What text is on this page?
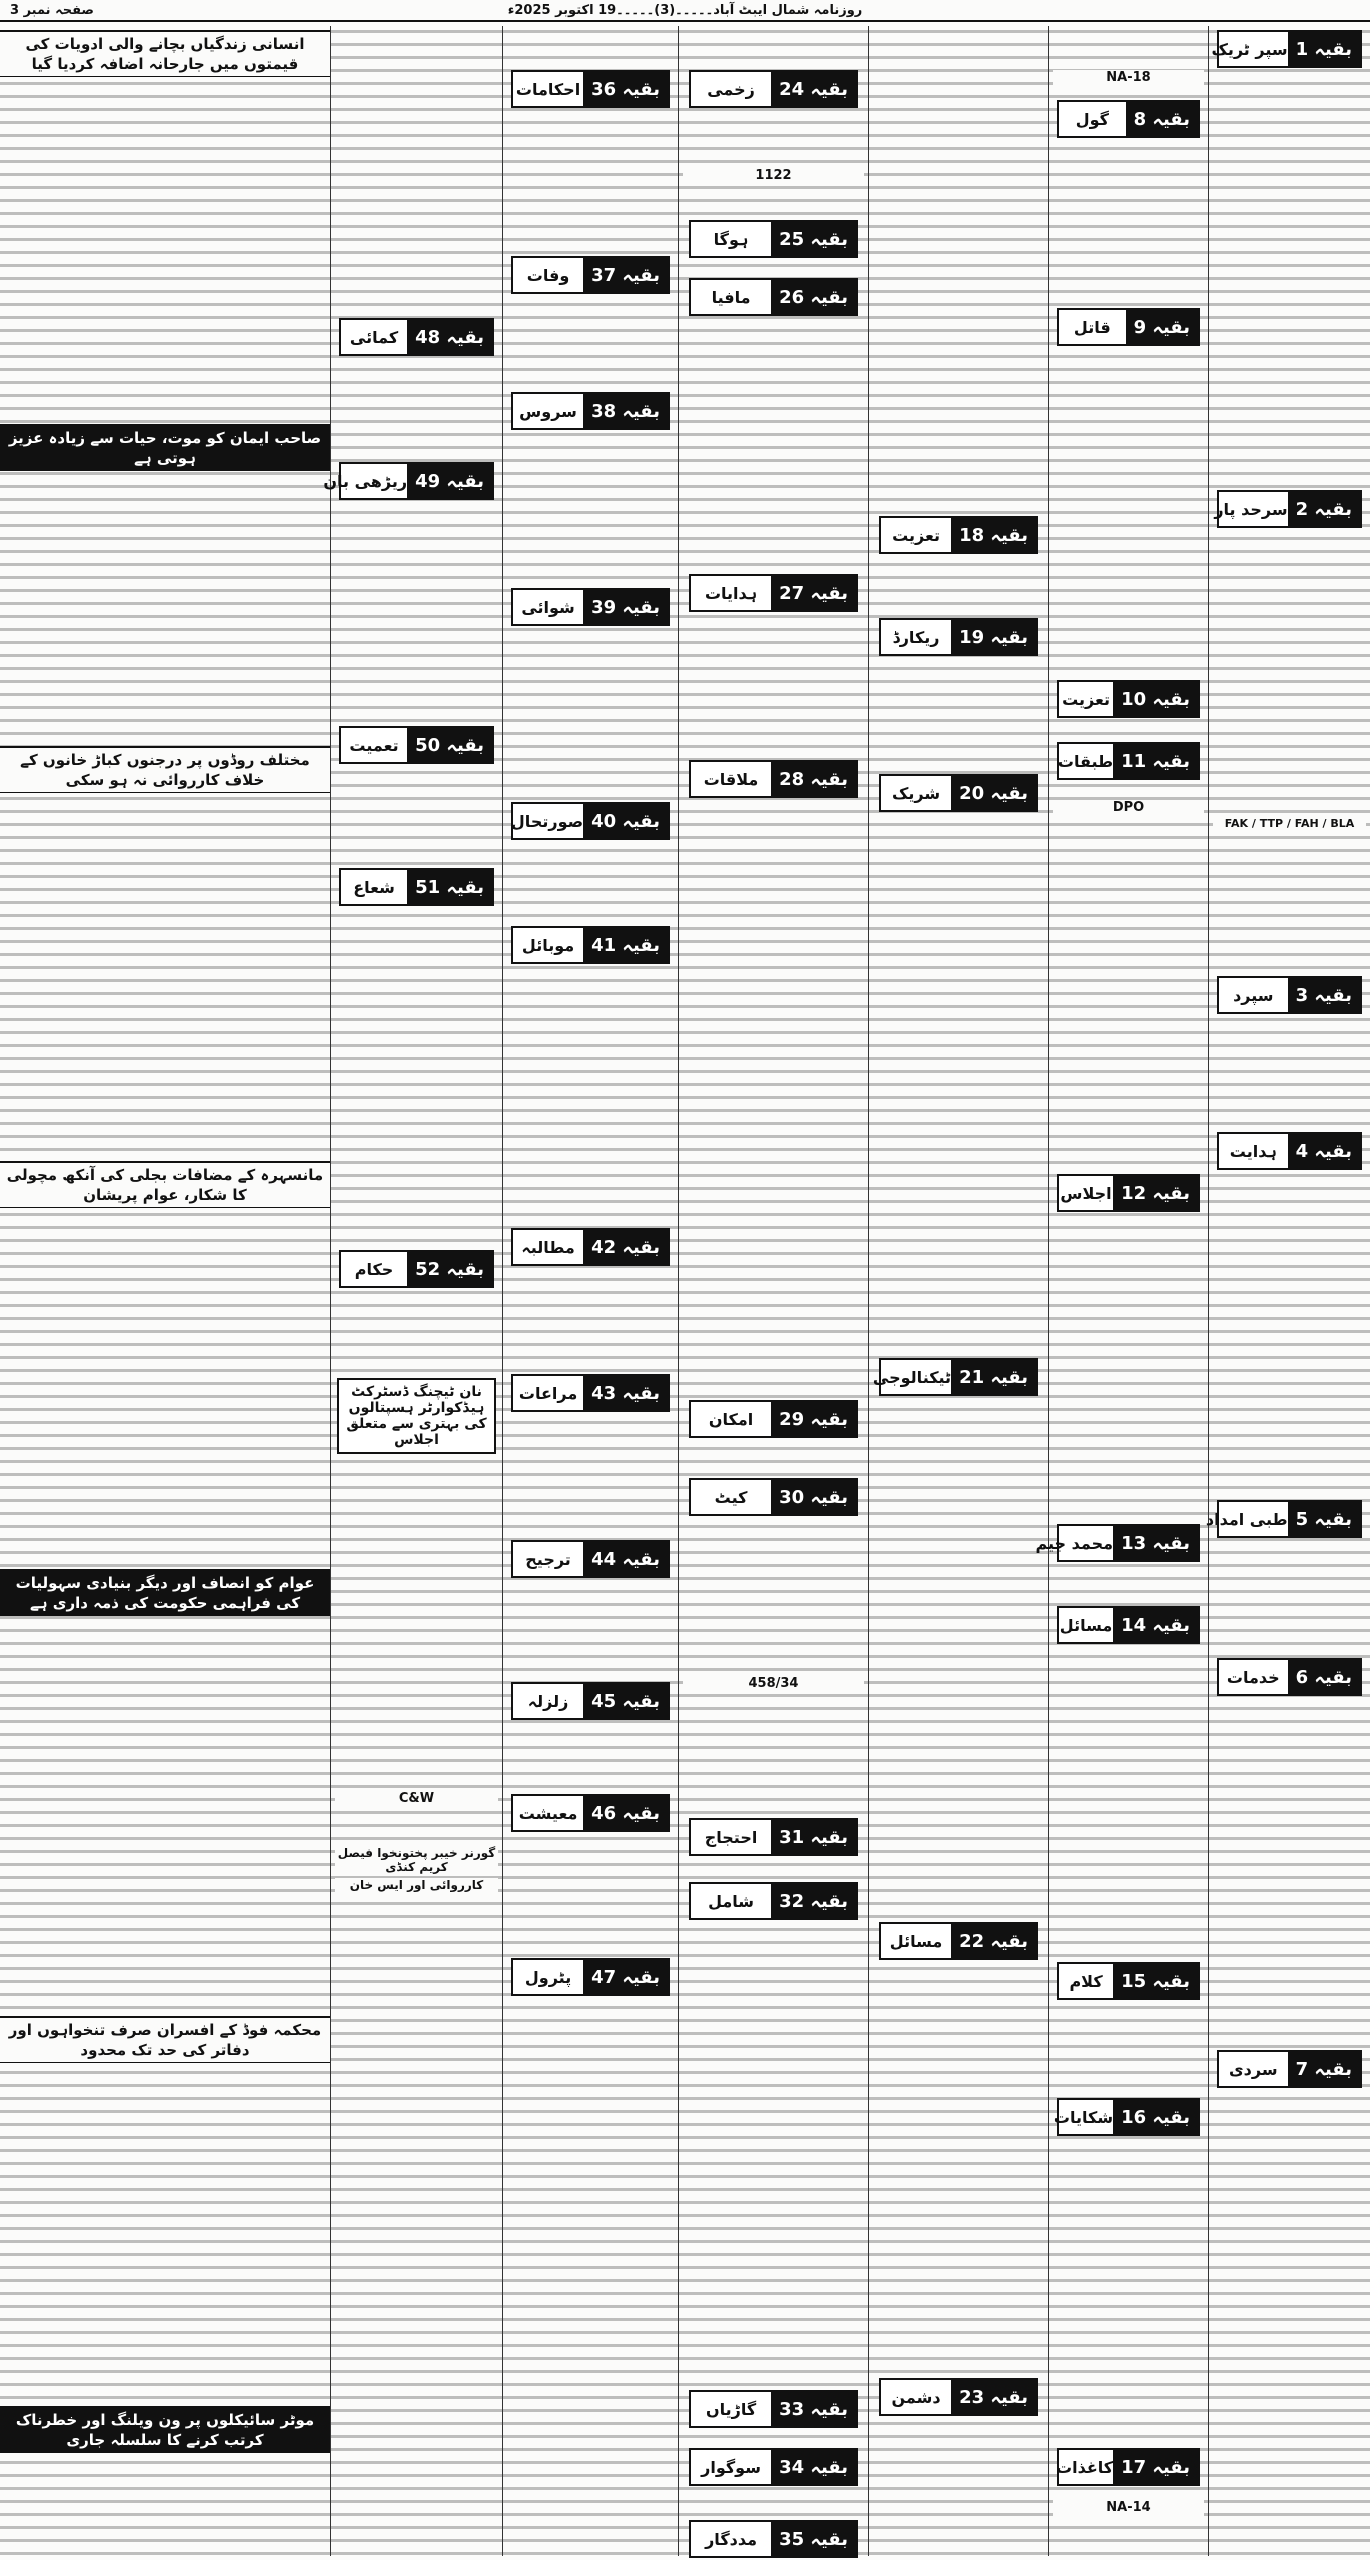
صفحہ نمبر 3	روزنامہ شمال ایبٹ آباد۔۔۔۔۔(3)۔۔۔۔۔19 اکتوبر 2025ء
انسانی زندگیاں بچانے والی ادویات کی قیمتوں میں جارحانہ اضافہ کردیا گیا
صاحب ایمان کو موت، حیات سے زیادہ عزیز ہوتی ہے
مختلف روڈوں پر درجنوں کباڑ خانوں کے خلاف کارروائی نہ ہو سکی
مانسہرہ کے مضافات بجلی کی آنکھ مچولی کا شکار، عوام پریشان
عوام کو انصاف اور دیگر بنیادی سہولیات کی فراہمی حکومت کی ذمہ داری ہے
محکمہ فوڈ کے افسران صرف تنخواہوں اور دفاتر کی حد تک محدود
موٹر سائیکلوں پر ون ویلنگ اور خطرناک کرتب کرنے کا سلسلہ جاری
بقیہ 48
کمائی
بقیہ 49
ریڑھی بان
بقیہ 50
تعمیت
بقیہ 51
شعاع
بقیہ 52
حکام
نان ٹیچنگ ڈسٹرکٹ ہیڈکوارٹر ہسپتالوں کی بہتری سے متعلق اجلاس
C&W
گورنر خیبر پختونخوا فیصل کریم کنڈی
کارروائی اور ایس خان
بقیہ 36
احکامات
بقیہ 37
وفات
بقیہ 38
سروس
بقیہ 39
شوائی
بقیہ 40
صورتحال
بقیہ 41
موبائل
بقیہ 42
مطالبہ
بقیہ 43
مراعات
بقیہ 44
ترجیح
بقیہ 45
زلزلہ
بقیہ 46
معیشت
بقیہ 47
پٹرول
بقیہ 24
زخمی
1122
بقیہ 25
ہوگا
بقیہ 26
مافیا
بقیہ 27
ہدایات
بقیہ 28
ملاقات
بقیہ 29
امکان
بقیہ 30
کیٹ
458/34
بقیہ 31
احتجاج
بقیہ 32
شامل
بقیہ 33
گاڑیاں
بقیہ 34
سوگوار
بقیہ 35
مددگار
بقیہ 18
تعزیت
بقیہ 19
ریکارڈ
بقیہ 20
شریک
بقیہ 21
ٹیکنالوجی
بقیہ 22
مسائل
بقیہ 23
دشمن
NA-18
بقیہ 8
گول
بقیہ 9
قاتل
بقیہ 10
تعزیت
بقیہ 11
طبقات
DPO
بقیہ 12
اجلاس
بقیہ 13
محمد جیم
بقیہ 14
مسائل
بقیہ 15
کلام
بقیہ 16
شکایات
بقیہ 17
کاغذات
NA-14
بقیہ 1
سپر ٹریک
بقیہ 2
سرحد پار
FAK / TTP / FAH / BLA
بقیہ 3
سپرد
بقیہ 4
ہدایت
بقیہ 5
طبی امداد
بقیہ 6
خدمات
بقیہ 7
سردی
